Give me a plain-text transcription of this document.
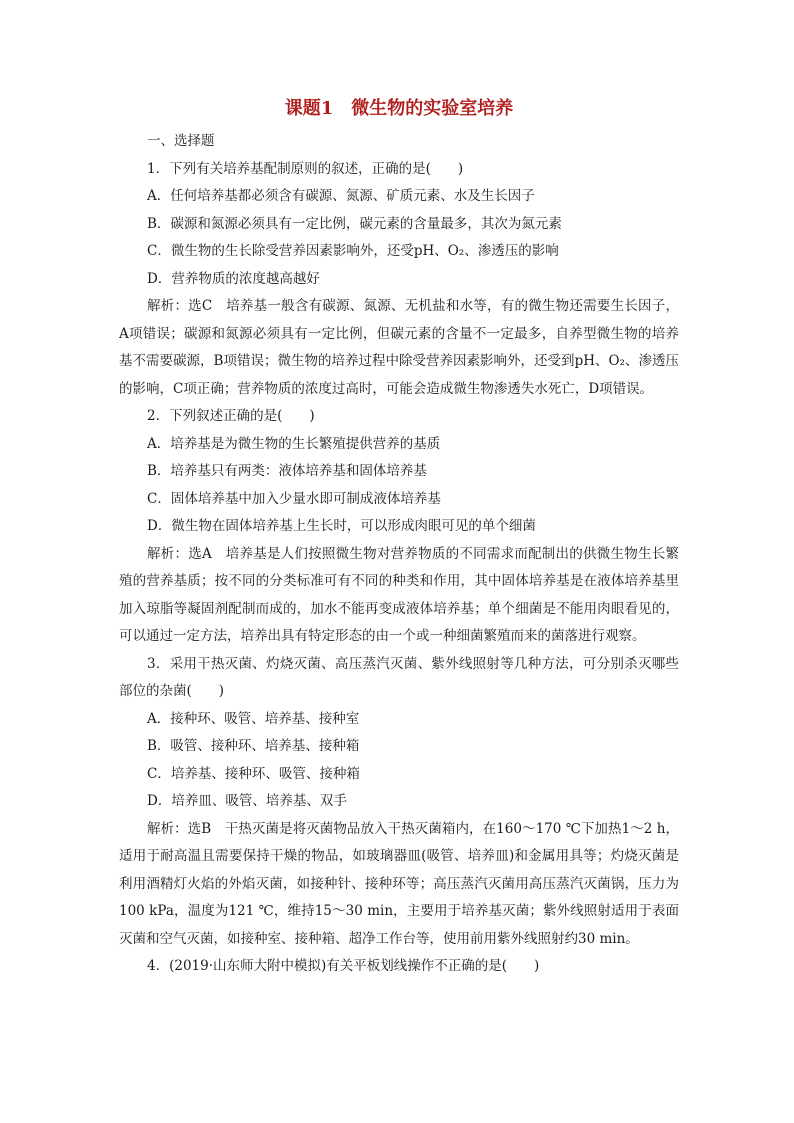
课题1　微生物的实验室培养
一、选择题
1．下列有关培养基配制原则的叙述，正确的是(　　)
A．任何培养基都必须含有碳源、氮源、矿质元素、水及生长因子
B．碳源和氮源必须具有一定比例，碳元素的含量最多，其次为氮元素
C．微生物的生长除受营养因素影响外，还受pH、O₂、渗透压的影响
D．营养物质的浓度越高越好

解析：选C　培养基一般含有碳源、氮源、无机盐和水等，有的微生物还需要生长因子，A项错误；碳源和氮源必须具有一定比例，但碳元素的含量不一定最多，自养型微生物的培养基不需要碳源，B项错误；微生物的培养过程中除受营养因素影响外，还受到pH、O₂、渗透压的影响，C项正确；营养物质的浓度过高时，可能会造成微生物渗透失水死亡，D项错误。

2．下列叙述正确的是(　　)
A．培养基是为微生物的生长繁殖提供营养的基质
B．培养基只有两类：液体培养基和固体培养基
C．固体培养基中加入少量水即可制成液体培养基
D．微生物在固体培养基上生长时，可以形成肉眼可见的单个细菌

解析：选A　培养基是人们按照微生物对营养物质的不同需求而配制出的供微生物生长繁殖的营养基质；按不同的分类标准可有不同的种类和作用，其中固体培养基是在液体培养基里加入琼脂等凝固剂配制而成的，加水不能再变成液体培养基；单个细菌是不能用肉眼看见的，可以通过一定方法，培养出具有特定形态的由一个或一种细菌繁殖而来的菌落进行观察。

3．采用干热灭菌、灼烧灭菌、高压蒸汽灭菌、紫外线照射等几种方法，可分别杀灭哪些部位的杂菌(　　)

A．接种环、吸管、培养基、接种室
B．吸管、接种环、培养基、接种箱
C．培养基、接种环、吸管、接种箱
D．培养皿、吸管、培养基、双手

解析：选B　干热灭菌是将灭菌物品放入干热灭菌箱内，在160～170 ℃下加热1～2 h，适用于耐高温且需要保持干燥的物品，如玻璃器皿(吸管、培养皿)和金属用具等；灼烧灭菌是利用酒精灯火焰的外焰灭菌，如接种针、接种环等；高压蒸汽灭菌用高压蒸汽灭菌锅，压力为100 kPa，温度为121 ℃，维持15～30 min，主要用于培养基灭菌；紫外线照射适用于表面灭菌和空气灭菌，如接种室、接种箱、超净工作台等，使用前用紫外线照射约30 min。

4．(2019·山东师大附中模拟)有关平板划线操作不正确的是(　　)
